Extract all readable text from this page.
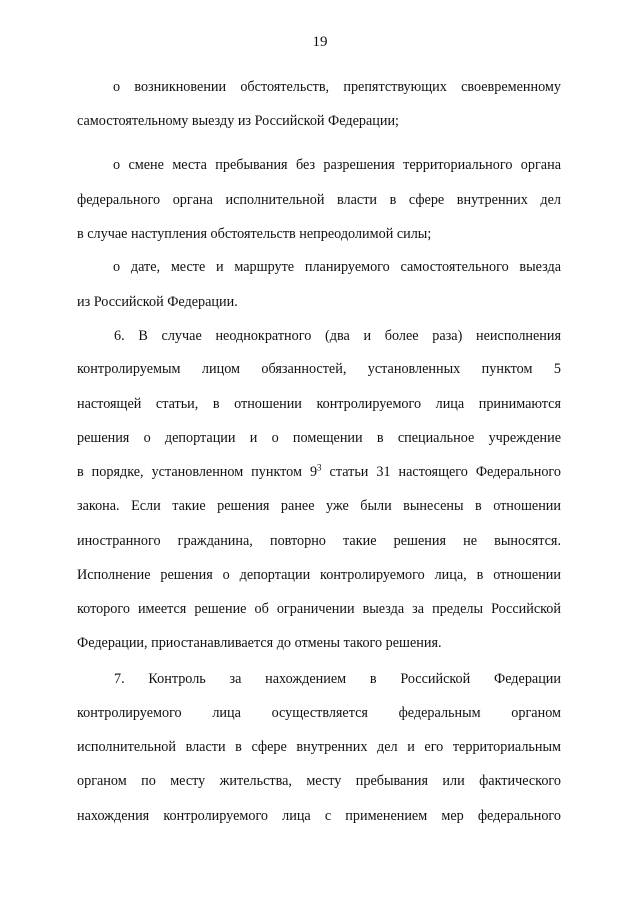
19
о возникновении обстоятельств, препятствующих своевременному
самостоятельному выезду из Российской Федерации;
о смене места пребывания без разрешения территориального органа
федерального органа исполнительной власти в сфере внутренних дел
в случае наступления обстоятельств непреодолимой силы;
о дате, месте и маршруте планируемого самостоятельного выезда
из Российской Федерации.
6. В случае неоднократного (два и более раза) неисполнения
контролируемым лицом обязанностей, установленных пунктом 5
настоящей статьи, в отношении контролируемого лица принимаются
решения о депортации и о помещении в специальное учреждение
в порядке, установленном пунктом $9^3$ статьи 31 настоящего Федерального
закона. Если такие решения ранее уже были вынесены в отношении
иностранного гражданина, повторно такие решения не выносятся.
Исполнение решения о депортации контролируемого лица, в отношении
которого имеется решение об ограничении выезда за пределы Российской
Федерации, приостанавливается до отмены такого решения.
7. Контроль за нахождением в Российской Федерации
контролируемого лица осуществляется федеральным органом
исполнительной власти в сфере внутренних дел и его территориальным
органом по месту жительства, месту пребывания или фактического
нахождения контролируемого лица с применением мер федерального
